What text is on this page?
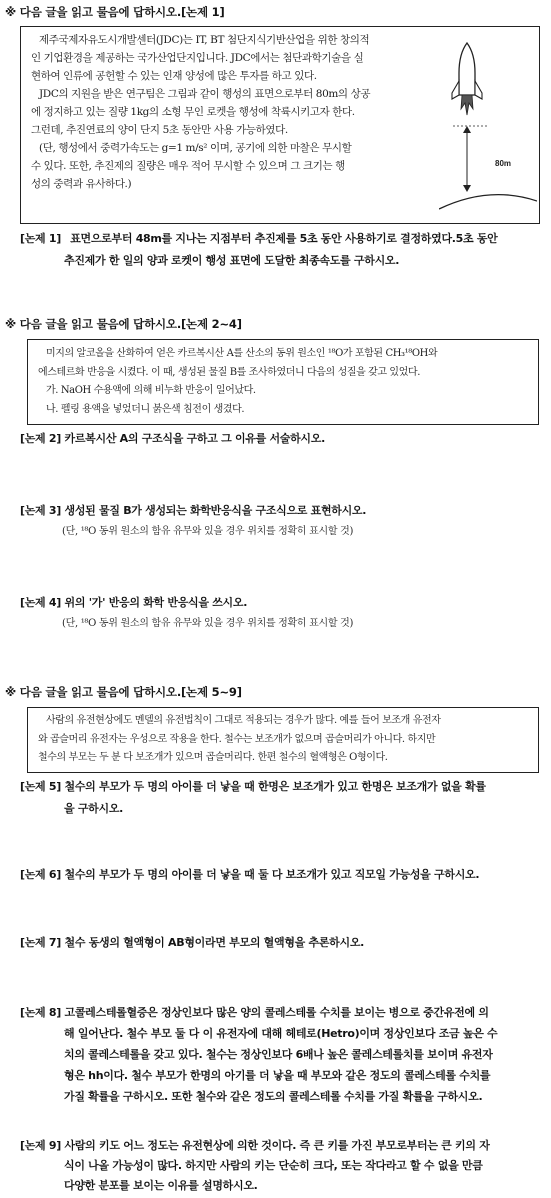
※ 다음 글을 읽고 물음에 답하시오.[논제 1]
제주국제자유도시개발센터(JDC)는 IT, BT 첨단지식기반산업을 위한 창의적
인 기업환경을 제공하는 국가산업단지입니다. JDC에서는 첨단과학기술을 실
현하여 인류에 공헌할 수 있는 인재 양성에 많은 투자를 하고 있다.
JDC의 지원을 받은 연구팀은 그림과 같이 행성의 표면으로부터 80m의 상공
에 정지하고 있는 질량 1kg의 소형 무인 로켓을 행성에 착륙시키고자 한다.
그런데, 추진연료의 양이 단지 5초 동안만 사용 가능하였다.
(단, 행성에서 중력가속도는 g=1 m/s² 이며, 공기에 의한 마찰은 무시할
수 있다. 또한, 추진제의 질량은 매우 적어 무시할 수 있으며 그 크기는 행
성의 중력과 유사하다.)
80m
[논제 1] 표면으로부터 48m를 지나는 지점부터 추진제를 5초 동안 사용하기로 결정하였다.5초 동안
추진제가 한 일의 양과 로켓이 행성 표면에 도달한 최종속도를 구하시오.
※ 다음 글을 읽고 물음에 답하시오.[논제 2~4]
미지의 알코올을 산화하여 얻은 카르복시산 A를 산소의 동위 원소인 ¹⁸O가 포함된 CH₃¹⁸OH와
에스테르화 반응을 시켰다. 이 때, 생성된 물질 B를 조사하였더니 다음의 성질을 갖고 있었다.
가. NaOH 수용액에 의해 비누화 반응이 일어났다.
나. 펠링 용액을 넣었더니 붉은색 침전이 생겼다.
[논제 2] 카르복시산 A의 구조식을 구하고 그 이유를 서술하시오.
[논제 3] 생성된 물질 B가 생성되는 화학반응식을 구조식으로 표현하시오.
(단, ¹⁸O 동위 원소의 함유 유무와 있을 경우 위치를 정확히 표시할 것)
[논제 4] 위의 '가' 반응의 화학 반응식을 쓰시오.
(단, ¹⁸O 동위 원소의 함유 유무와 있을 경우 위치를 정확히 표시할 것)
※ 다음 글을 읽고 물음에 답하시오.[논제 5~9]
사람의 유전현상에도 멘델의 유전법칙이 그대로 적용되는 경우가 많다. 예를 들어 보조개 유전자
와 곱슬머리 유전자는 우성으로 작용을 한다. 철수는 보조개가 없으며 곱슬머리가 아니다. 하지만
철수의 부모는 두 분 다 보조개가 있으며 곱슬머리다. 한편 철수의 혈액형은 O형이다.
[논제 5] 철수의 부모가 두 명의 아이를 더 낳을 때 한명은 보조개가 있고 한명은 보조개가 없을 확률
을 구하시오.
[논제 6] 철수의 부모가 두 명의 아이를 더 낳을 때 둘 다 보조개가 있고 직모일 가능성을 구하시오.
[논제 7] 철수 동생의 혈액형이 AB형이라면 부모의 혈액형을 추론하시오.
[논제 8] 고콜레스테롤혈증은 정상인보다 많은 양의 콜레스테롤 수치를 보이는 병으로 중간유전에 의
해 일어난다. 철수 부모 둘 다 이 유전자에 대해 헤테로(Hetro)이며 정상인보다 조금 높은 수
치의 콜레스테롤을 갖고 있다. 철수는 정상인보다 6배나 높은 콜레스테롤치를 보이며 유전자
형은 hh이다. 철수 부모가 한명의 아기를 더 낳을 때 부모와 같은 정도의 콜레스테롤 수치를
가질 확률을 구하시오. 또한 철수와 같은 정도의 콜레스테롤 수치를 가질 확률을 구하시오.
[논제 9] 사람의 키도 어느 정도는 유전현상에 의한 것이다. 즉 큰 키를 가진 부모로부터는 큰 키의 자
식이 나올 가능성이 많다. 하지만 사람의 키는 단순히 크다, 또는 작다라고 할 수 없을 만큼
다양한 분포를 보이는 이유를 설명하시오.
